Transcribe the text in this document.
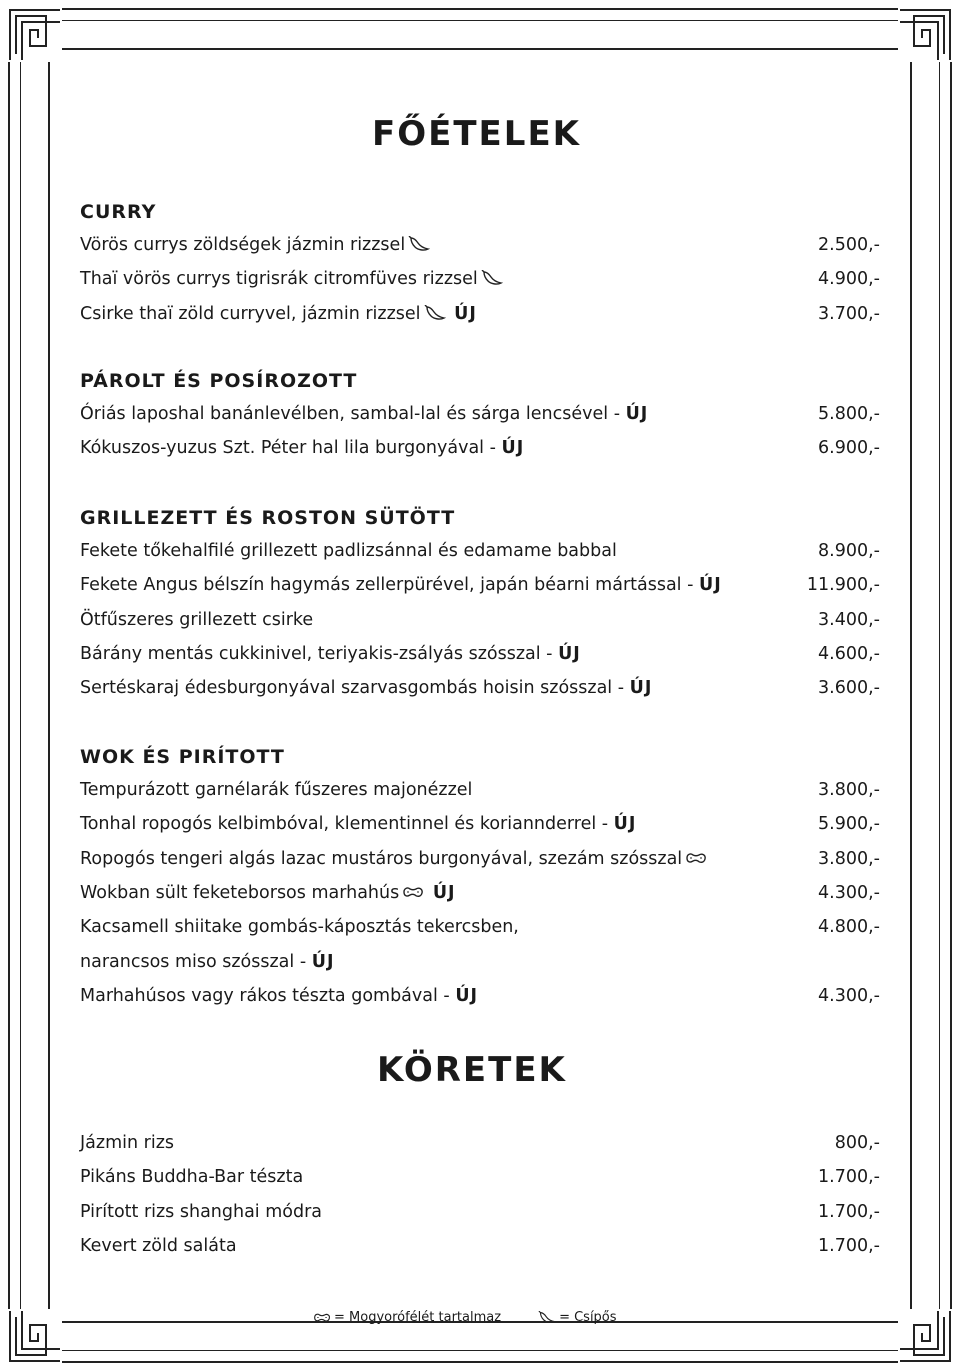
FŐÉTELEK
CURRY
Vörös currys zöldségek jázmin rizzsel	2.500,-
Thaï vörös currys tigrisrák citromfüves rizzsel	4.900,-
Csirke thaï zöld curryvel, jázmin rizzsel ÚJ	3.700,-
PÁROLT ÉS POSÍROZOTT
Óriás laposhal banánlevélben, sambal-lal és sárga lencsével - ÚJ	5.800,-
Kókuszos-yuzus Szt. Péter hal lila burgonyával - ÚJ	6.900,-
GRILLEZETT ÉS ROSTON SÜTÖTT
Fekete tőkehalfilé grillezett padlizsánnal és edamame babbal	8.900,-
Fekete Angus bélszín hagymás zellerpürével, japán béarni mártással - ÚJ	11.900,-
Ötfűszeres grillezett csirke	3.400,-
Bárány mentás cukkinivel, teriyakis-zsályás szósszal - ÚJ	4.600,-
Sertéskaraj édesburgonyával szarvasgombás hoisin szósszal - ÚJ	3.600,-
WOK ÉS PIRÍTOTT
Tempurázott garnélarák fűszeres majonézzel	3.800,-
Tonhal ropogós kelbimbóval, klementinnel és koriannderrel - ÚJ	5.900,-
Ropogós tengeri algás lazac mustáros burgonyával, szezám szósszal	3.800,-
Wokban sült feketeborsos marhahús ÚJ	4.300,-
Kacsamell shiitake gombás-káposztás tekercsben,	4.800,-
narancsos miso szósszal - ÚJ
Marhahúsos vagy rákos tészta gombával - ÚJ	4.300,-
KÖRETEK
Jázmin rizs	800,-
Pikáns Buddha-Bar tészta	1.700,-
Pirított rizs shanghai módra	1.700,-
Kevert zöld saláta	1.700,-
= Mogyorófélét tartalmaz	= Csípős
